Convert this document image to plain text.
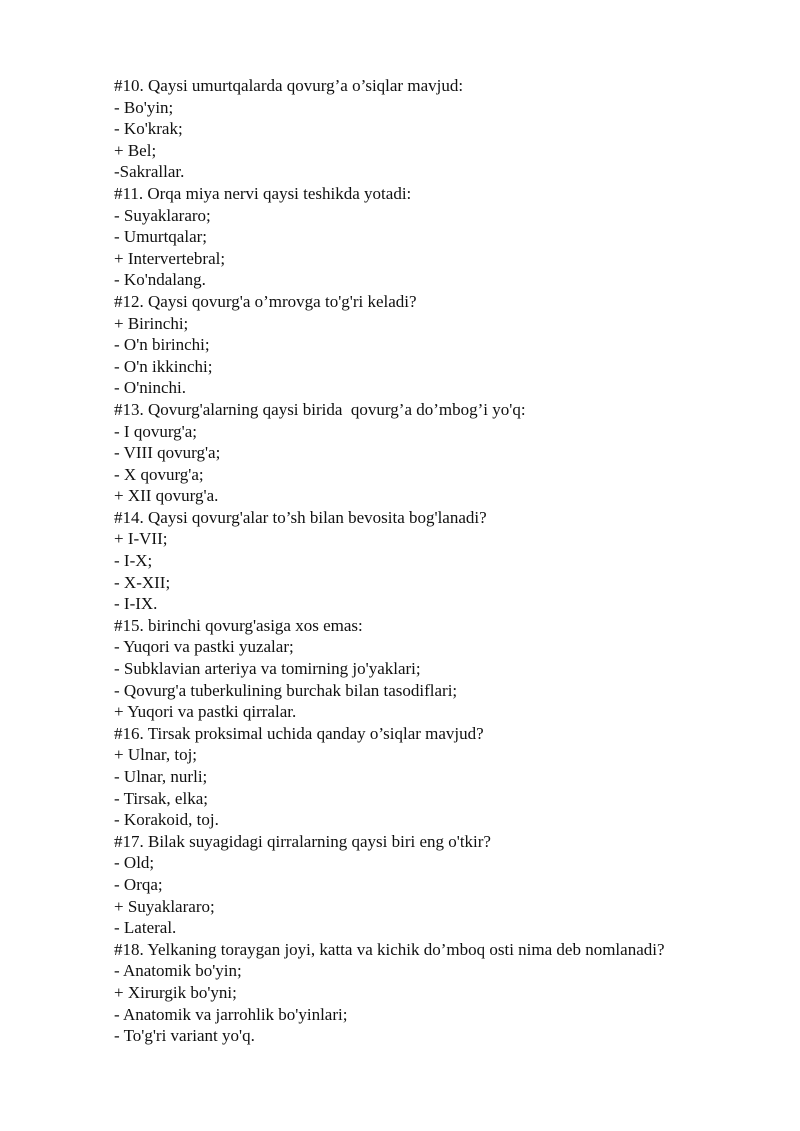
#10. Qaysi umurtqalarda qovurg’a o’siqlar mavjud:
- Bo'yin;
- Ko'krak;
+ Bel;
-Sakrallar.
#11. Orqa miya nervi qaysi teshikda yotadi:
- Suyaklararo;
- Umurtqalar;
+ Intervertebral;
- Ko'ndalang.
#12. Qaysi qovurg'a o’mrovga to'g'ri keladi?
+ Birinchi;
- O'n birinchi;
- O'n ikkinchi;
- O'ninchi.
#13. Qovurg'alarning qaysi birida  qovurg’a do’mbog’i yo'q:
- I qovurg'a;
- VIII qovurg'a;
- X qovurg'a;
+ XII qovurg'a.
#14. Qaysi qovurg'alar to’sh bilan bevosita bog'lanadi?
+ I-VII;
- I-X;
- X-XII;
- I-IX.
#15. birinchi qovurg'asiga xos emas:
- Yuqori va pastki yuzalar;
- Subklavian arteriya va tomirning jo'yaklari;
- Qovurg'a tuberkulining burchak bilan tasodiflari;
+ Yuqori va pastki qirralar.
#16. Tirsak proksimal uchida qanday o’siqlar mavjud?
+ Ulnar, toj;
- Ulnar, nurli;
- Tirsak, elka;
- Korakoid, toj.
#17. Bilak suyagidagi qirralarning qaysi biri eng o'tkir?
- Old;
- Orqa;
+ Suyaklararo;
- Lateral.
#18. Yelkaning toraygan joyi, katta va kichik do’mboq osti nima deb nomlanadi?
- Anatomik bo'yin;
+ Xirurgik bo'yni;
- Anatomik va jarrohlik bo'yinlari;
- To'g'ri variant yo'q.
